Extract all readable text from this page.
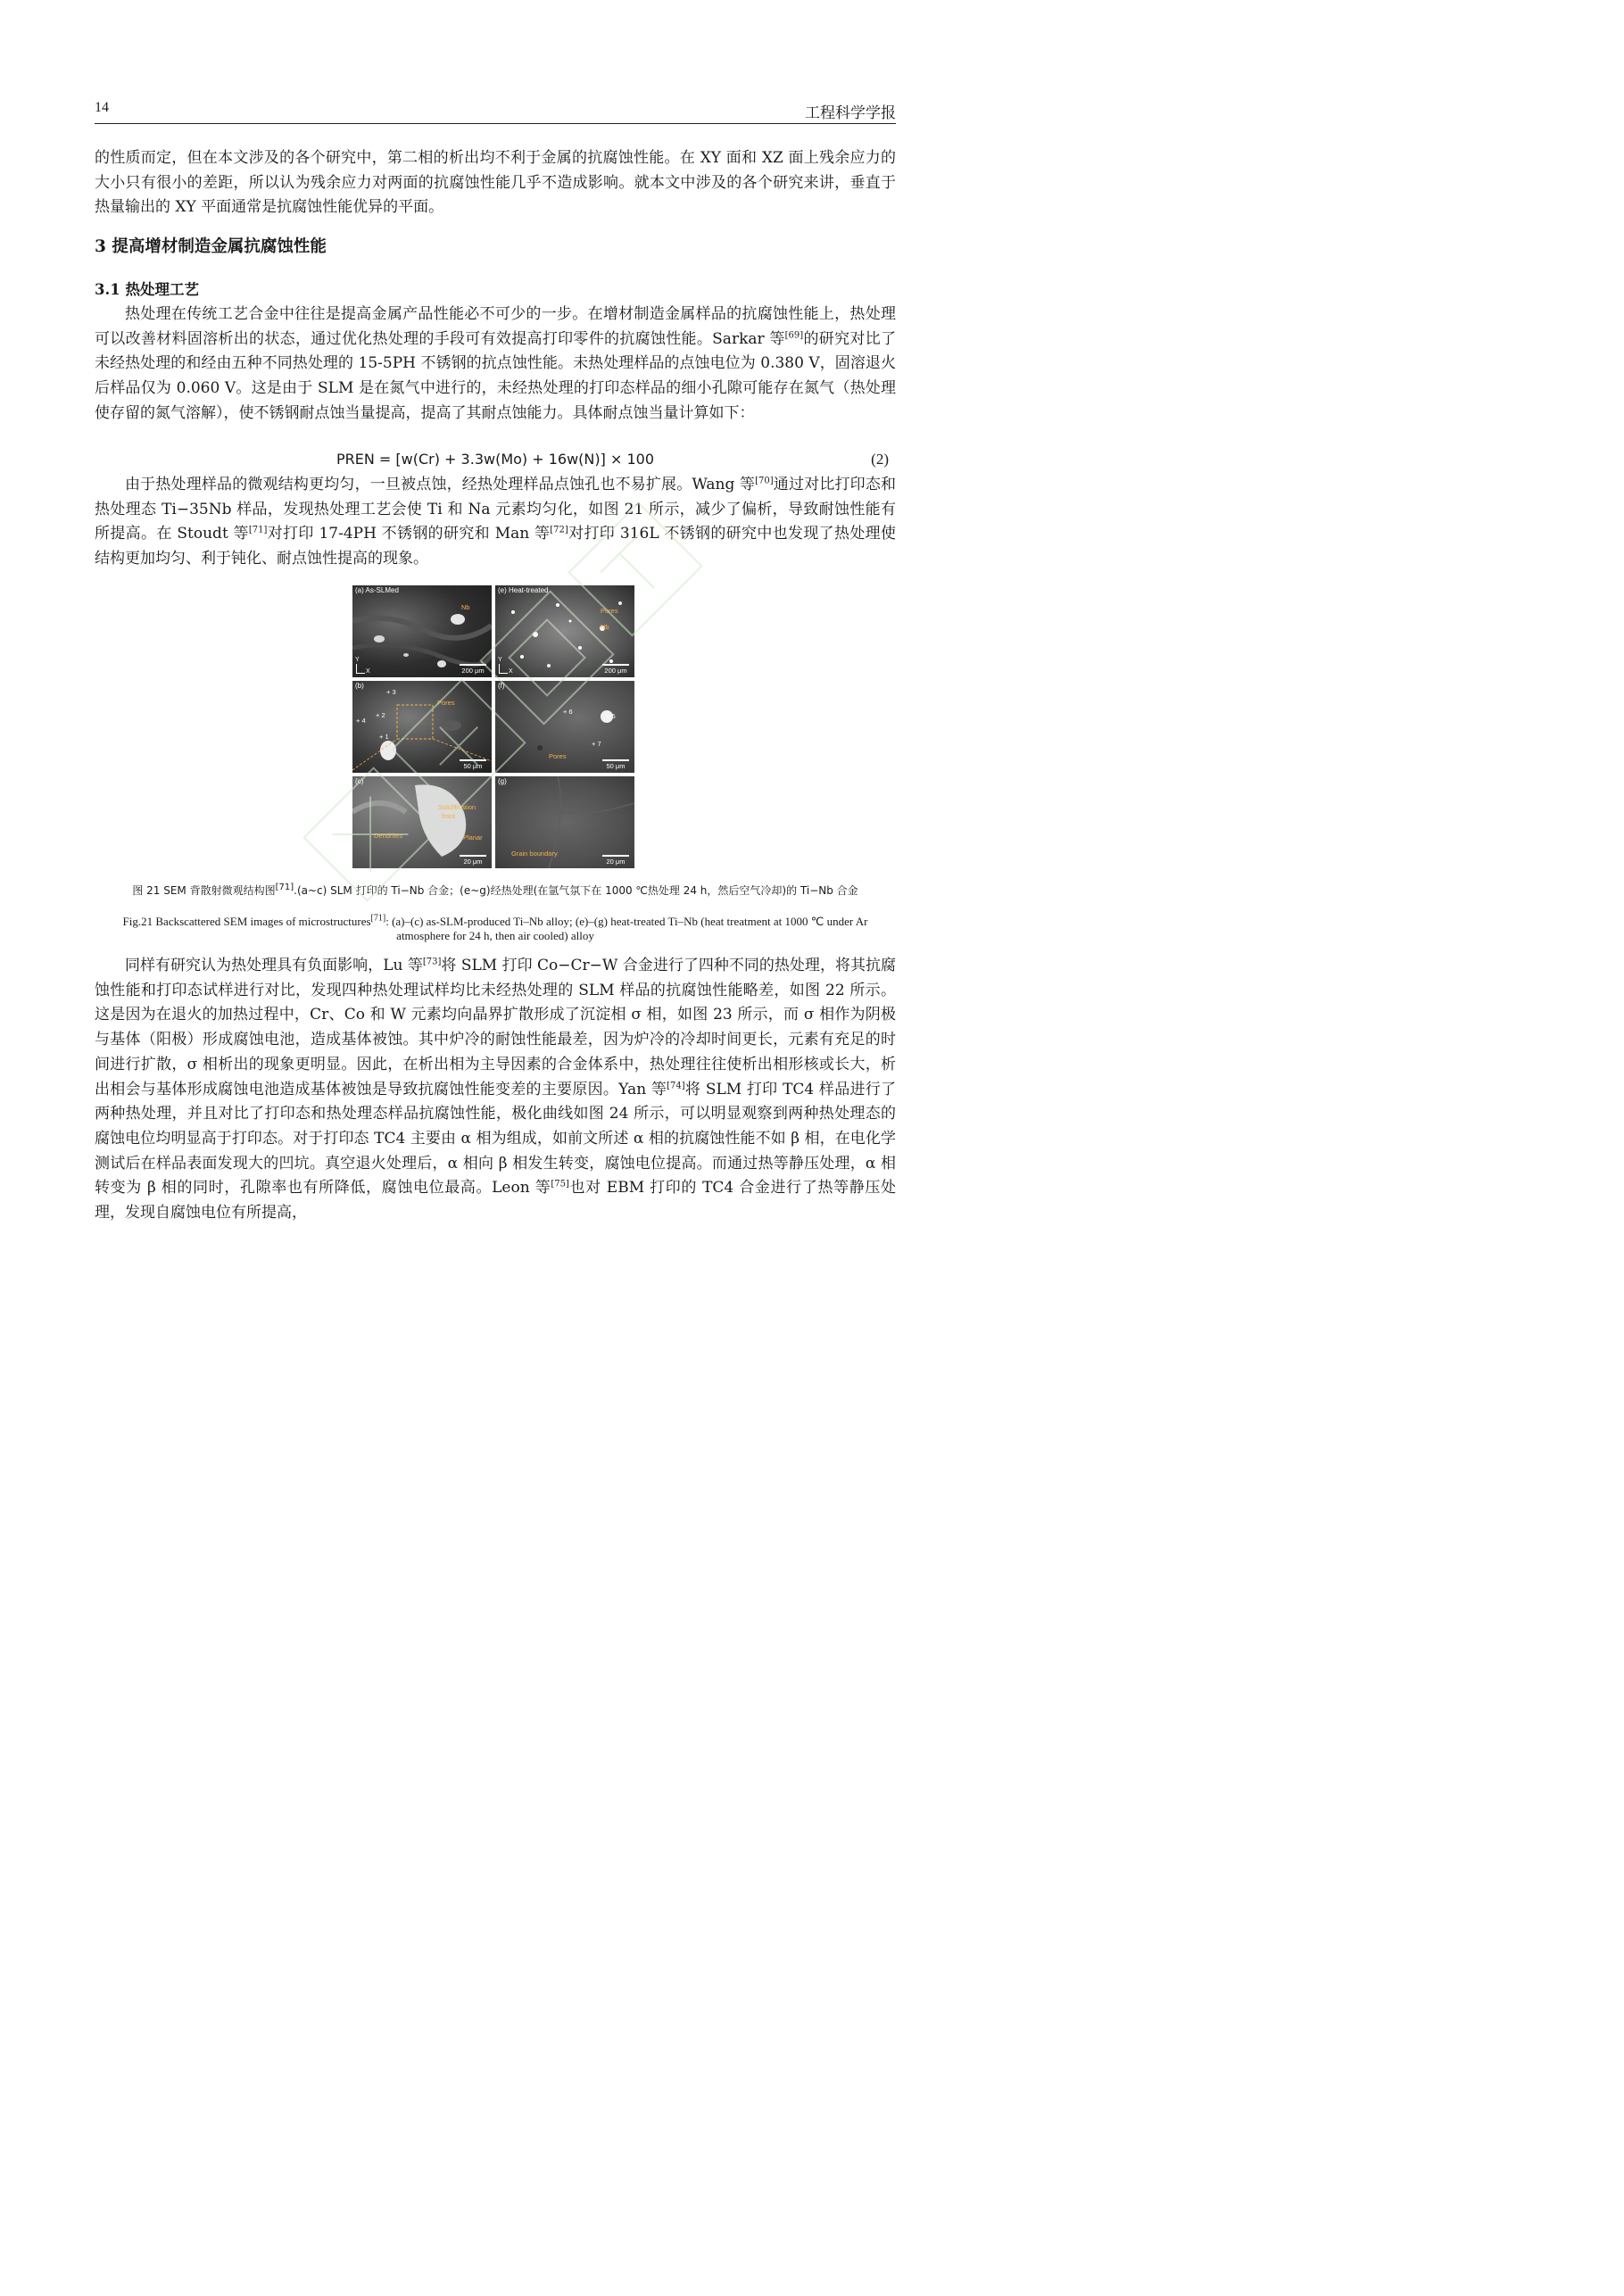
14	工程科学学报

的性质而定，但在本文涉及的各个研究中，第二相的析出均不利于金属的抗腐蚀性能。在 XY 面和 XZ 面上残余应力的大小只有很小的差距，所以认为残余应力对两面的抗腐蚀性能几乎不造成影响。就本文中涉及的各个研究来讲，垂直于热量输出的 XY 平面通常是抗腐蚀性能优异的平面。

3 提高增材制造金属抗腐蚀性能

3.1 热处理工艺

热处理在传统工艺合金中往往是提高金属产品性能必不可少的一步。在增材制造金属样品的抗腐蚀性能上，热处理可以改善材料固溶析出的状态，通过优化热处理的手段可有效提高打印零件的抗腐蚀性能。Sarkar 等[69]的研究对比了未经热处理的和经由五种不同热处理的 15-5PH 不锈钢的抗点蚀性能。未热处理样品的点蚀电位为 0.380 V，固溶退火后样品仅为 0.060 V。这是由于 SLM 是在氮气中进行的，未经热处理的打印态样品的细小孔隙可能存在氮气（热处理使存留的氮气溶解），使不锈钢耐点蚀当量提高，提高了其耐点蚀能力。具体耐点蚀当量计算如下：

PREN = [w(Cr) + 3.3w(Mo) + 16w(N)] × 100	(2)

由于热处理样品的微观结构更均匀，一旦被点蚀，经热处理样品点蚀孔也不易扩展。Wang 等[70]通过对比打印态和热处理态 Ti−35Nb 样品，发现热处理工艺会使 Ti 和 Na 元素均匀化，如图 21 所示，减少了偏析，导致耐蚀性能有所提高。在 Stoudt 等[71]对打印 17-4PH 不锈钢的研究和 Man 等[72]对打印 316L 不锈钢的研究中也发现了热处理使结构更加均匀、利于钝化、耐点蚀性提高的现象。

(a) As-SLMed
Nb
Y
X	200 μm
(e) Heat-treated
Pores
Nb
Y
X	200 μm
(b)
Pores
+ 3
+ 2
+ 4
+ 1
50 μm
(f)
Pores
+ 6
+ 5
+ 7
50 μm
(c)
Solidification
front
Dendrites	Planar
20 μm
(g)
Grain boundary
20 μm

图 21 SEM 背散射微观结构图[71].(a~c) SLM 打印的 Ti−Nb 合金；(e~g)经热处理(在氩气氛下在 1000 ℃热处理 24 h，然后空气冷却)的 Ti−Nb 合金

Fig.21 Backscattered SEM images of microstructures[71]: (a)–(c) as-SLM-produced Ti–Nb alloy; (e)–(g) heat-treated Ti–Nb (heat treatment at 1000 ℃ under Ar atmosphere for 24 h, then air cooled) alloy

同样有研究认为热处理具有负面影响，Lu 等[73]将 SLM 打印 Co−Cr−W 合金进行了四种不同的热处理，将其抗腐蚀性能和打印态试样进行对比，发现四种热处理试样均比未经热处理的 SLM 样品的抗腐蚀性能略差，如图 22 所示。这是因为在退火的加热过程中，Cr、Co 和 W 元素均向晶界扩散形成了沉淀相 σ 相，如图 23 所示，而 σ 相作为阴极与基体（阳极）形成腐蚀电池，造成基体被蚀。其中炉冷的耐蚀性能最差，因为炉冷的冷却时间更长，元素有充足的时间进行扩散，σ 相析出的现象更明显。因此，在析出相为主导因素的合金体系中，热处理往往使析出相形核或长大，析出相会与基体形成腐蚀电池造成基体被蚀是导致抗腐蚀性能变差的主要原因。Yan 等[74]将 SLM 打印 TC4 样品进行了两种热处理，并且对比了打印态和热处理态样品抗腐蚀性能，极化曲线如图 24 所示，可以明显观察到两种热处理态的腐蚀电位均明显高于打印态。对于打印态 TC4 主要由 α 相为组成，如前文所述 α 相的抗腐蚀性能不如 β 相，在电化学测试后在样品表面发现大的凹坑。真空退火处理后，α 相向 β 相发生转变，腐蚀电位提高。而通过热等静压处理，α 相转变为 β 相的同时，孔隙率也有所降低，腐蚀电位最高。Leon 等[75]也对 EBM 打印的 TC4 合金进行了热等静压处理，发现自腐蚀电位有所提高，
